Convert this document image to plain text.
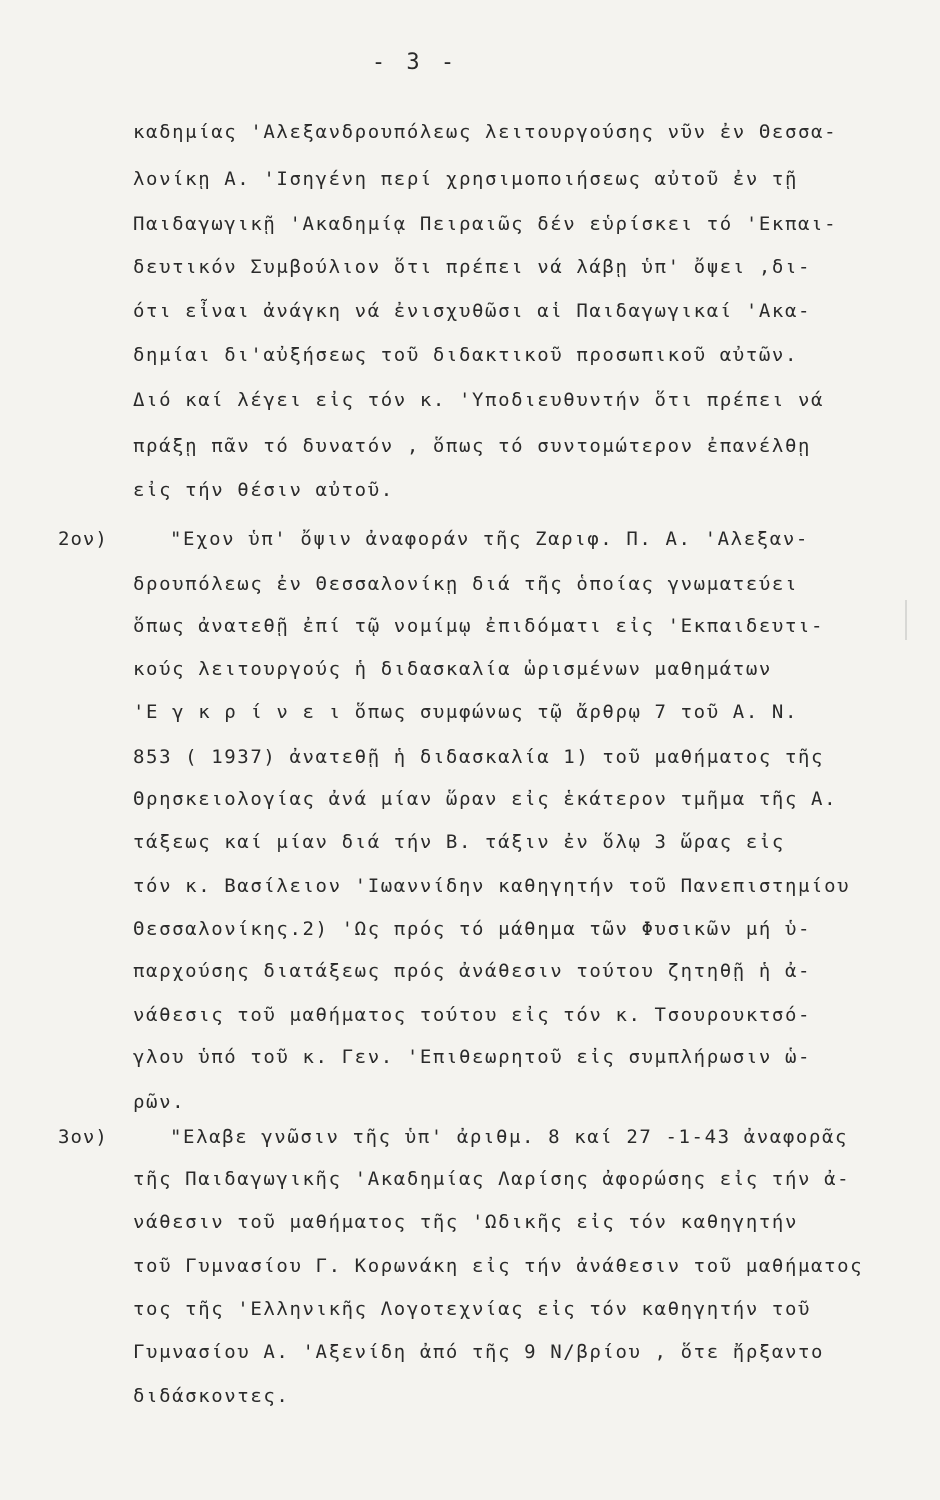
- 3 -
2ον)
3ον)
καδημίας 'Αλεξανδρουπόλεως λειτουργούσης νῦν ἐν Θεσσα-
λονίκῃ Α. 'Ισηγένη περί χρησιμοποιήσεως αὐτοῦ ἐν τῇ
Παιδαγωγικῇ 'Ακαδημίᾳ Πειραιῶς δέν εὑρίσκει τό 'Εκπαι-
δευτικόν Συμβούλιον ὅτι πρέπει νά λάβῃ ὑπ' ὄψει ,δι-
ότι εἶναι ἀνάγκη νά ἐνισχυθῶσι αἱ Παιδαγωγικαί 'Ακα-
δημίαι δι'αὐξήσεως τοῦ διδακτικοῦ προσωπικοῦ αὐτῶν.
Διό καί λέγει εἰς τόν κ. 'Υποδιευθυντήν ὅτι πρέπει νά
πράξῃ πᾶν τό δυνατόν , ὅπως τό συντομώτερον ἐπανέλθῃ
εἰς τήν θέσιν αὐτοῦ.
"Εχον ὑπ' ὄψιν ἀναφοράν τῆς Ζαριφ. Π. Α. 'Αλεξαν-
δρουπόλεως ἐν Θεσσαλονίκῃ διά τῆς ὁποίας γνωματεύει
ὅπως ἀνατεθῇ ἐπί τῷ νομίμῳ ἐπιδόματι εἰς 'Εκπαιδευτι-
κούς λειτουργούς ἡ διδασκαλία ὡρισμένων μαθημάτων
'Ε γ κ ρ ί ν ε ι ὅπως συμφώνως τῷ ἄρθρῳ 7 τοῦ Α. Ν.
853 ( 1937) ἀνατεθῇ ἡ διδασκαλία 1) τοῦ μαθήματος τῆς
Θρησκειολογίας ἀνά μίαν ὥραν εἰς ἑκάτερον τμῆμα τῆς Α.
τάξεως καί μίαν διά τήν Β. τάξιν ἐν ὅλῳ 3 ὥρας εἰς
τόν κ. Βασίλειον 'Ιωαννίδην καθηγητήν τοῦ Πανεπιστημίου
Θεσσαλονίκης.2) 'Ως πρός τό μάθημα τῶν Φυσικῶν μή ὑ-
παρχούσης διατάξεως πρός ἀνάθεσιν τούτου ζητηθῇ ἡ ἀ-
νάθεσις τοῦ μαθήματος τούτου εἰς τόν κ. Τσουρουκτσό-
γλου ὑπό τοῦ κ. Γεν. 'Επιθεωρητοῦ εἰς συμπλήρωσιν ὡ-
ρῶν.
"Ελαβε γνῶσιν τῆς ὑπ' ἀριθμ. 8 καί 27 -1-43 ἀναφορᾶς
τῆς Παιδαγωγικῆς 'Ακαδημίας Λαρίσης ἀφορώσης εἰς τήν ἀ-
νάθεσιν τοῦ μαθήματος τῆς 'Ωδικῆς εἰς τόν καθηγητήν
τοῦ Γυμνασίου Γ. Κορωνάκη εἰς τήν ἀνάθεσιν τοῦ μαθήματος
τος τῆς 'Ελληνικῆς Λογοτεχνίας εἰς τόν καθηγητήν τοῦ
Γυμνασίου Α. 'Αξενίδη ἀπό τῆς 9 Ν/βρίου , ὅτε ἤρξαντο
διδάσκοντες.
